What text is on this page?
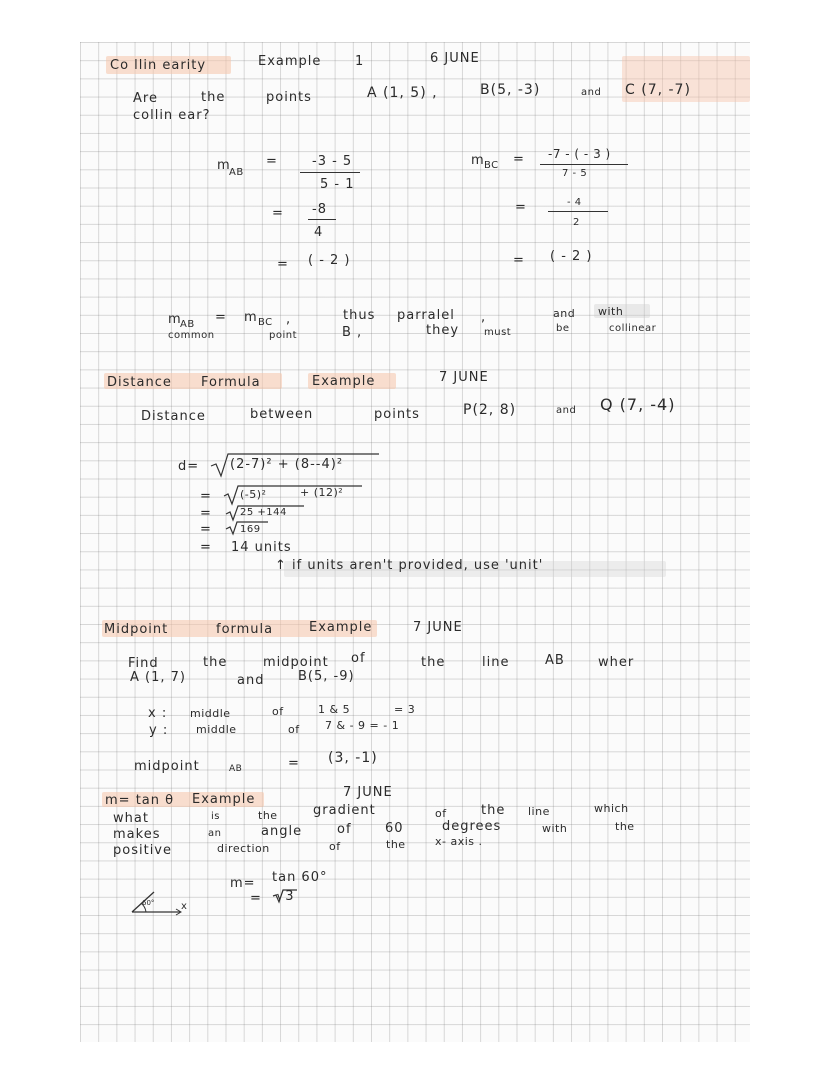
Co llin earity	Example	1	6 JUNE
Are	the	points	A (1, 5) ,	B(5, -3)	and C (7, -7)
collin ear?
m
AB
=	-3 - 5
5 - 1
= -8
4
= ( - 2 )
m BC = -7 - ( - 3 )
7 - 5
=	- 4
2
= ( - 2 )
m
AB = m BC ,	thus parralel ,	and with
common	point	B ,	they must	be	collinear
Distance Formula	Example	7 JUNE
Distance	between	points	P(2, 8)	and Q (7, -4)
d= (2-7)² + (8--4)²
=	(-5)²	+ (12)²
=	25 +144
=	169
= 14 units
↑ if units aren't provided, use 'unit'
Midpoint	formula	Example	7 JUNE
Find	the	midpoint of	the	line	AB	wher
A (1, 7)	and	B(5, -9)
x : middle	of	1 & 5	= 3
y :	middle	of 7 & - 9 = - 1
midpoint	AB	= (3, -1)
m= tan θ Example	7 JUNE
what	is	the	gradient	of	the line	which
makes	an	angle	of	60	degrees	with	the
positive	direction	of	the	x- axis .
m= tan 60°
= √3
60°	x
